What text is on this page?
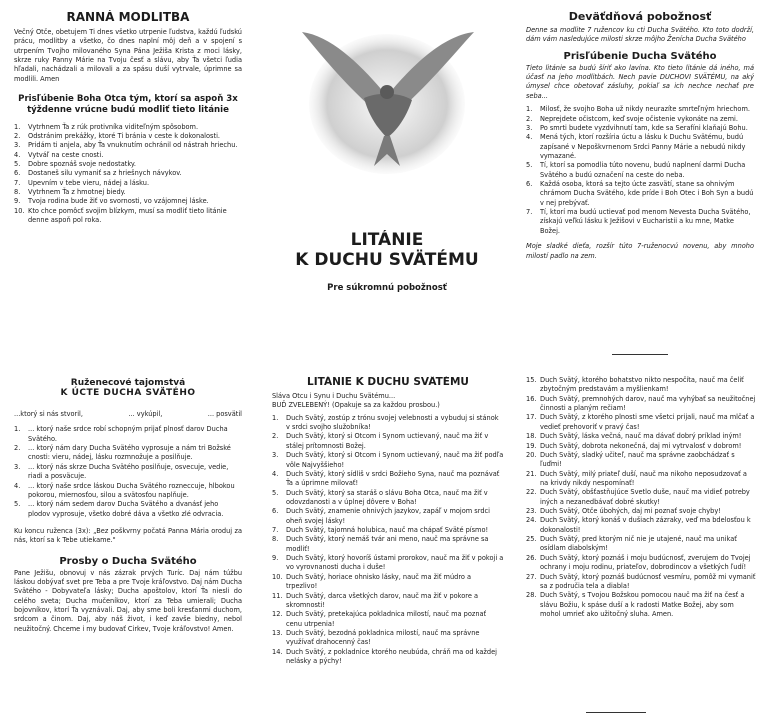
RANNÁ MODLITBA

Večný Otče, obetujem Ti dnes všetko utrpenie ľudstva, každú ľudskú prácu, modlitby a všetko, čo dnes naplní môj deň a v spojení s utrpením Tvojho milovaného Syna Pána Ježiša Krista z moci lásky, skrze ruky Panny Márie na Tvoju česť a slávu, aby Ťa všetci ľudia hľadali, nachádzali a milovali a za spásu duší vytrvale, úprimne sa modlili. Amen

Prisľúbenie Boha Otca tým, ktorí sa aspoň 3x týždenne vrúcne budú modliť tieto litánie
1. Vytrhnem Ťa z rúk protivníka viditeľným spôsobom.
2. Odstránim prekážky, ktoré Ti bránia v ceste k dokonalosti.
3. Pridám ti anjela, aby Ťa vnuknutím ochránil od nástrah hriechu.
4. Vytváľ na ceste cnosti.
5. Dobre spoznáš svoje nedostatky.
6. Dostaneš silu vymaniť sa z hriešnych návykov.
7. Upevním v tebe vieru, nádej a lásku.
8. Vytrhnem Ťa z hmotnej biedy.
9. Tvoja rodina bude žiť vo svornosti, vo vzájomnej láske.
10. Kto chce pomôcť svojim blízkym, musí sa modliť tieto litánie denne aspoň pol roka.
LITÁNIE
K DUCHU SVÄTÉMU

Pre súkromnú pobožnosť

Deväťdňová pobožnosť

Denne sa modlite 7 ružencov ku cti Ducha Svätého. Kto toto dodrží, dám vám nasledujúce milosti skrze môjho Ženícha Ducha Svätého

Prisľúbenie Ducha Svätého

Tieto litánie sa budú šíriť ako lavína. Kto tieto litánie dá iného, má účasť na jeho modlitbách. Nech pavie DUCHOVI SVÄTÉMU, na aký úmysel chce obetovať zásluhy, pokiaľ sa ich nechce nechať pre seba...

1. Milosť, že svojho Boha už nikdy neurazíte smrteľným hriechom.
2. Neprejdete očistcom, keď svoje očistenie vykonáte na zemi.
3. Po smrti budete vyzdvihnutí tam, kde sa Serafíni klaňajú Bohu.
4. Mená tých, ktorí rozšíria úctu a lásku k Duchu Svätému, budú zapísané v Nepoškvrnenom Srdci Panny Márie a nebudú nikdy vymazané.
5. Tí, ktorí sa pomodlia túto novenu, budú naplnení darmi Ducha Svätého a budú označení na ceste do neba.
6. Každá osoba, ktorá sa tejto úcte zasvätí, stane sa ohnivým chrámom Ducha Svätého, kde príde i Boh Otec i Boh Syn a budú v nej prebývať.
7. Tí, ktorí ma budú uctievať pod menom Nevesta Ducha Svätého, získajú veľkú lásku k Ježišovi v Eucharistii a ku mne, Matke Božej.

Moje sladké dieťa, rozšír túto 7-ruženocvú novenu, aby mnoho milostí padlo na zem.

Ruženecové tajomstvá
K ÚCTE DUCHA SVÄTÉHO
...ktorý si nás stvoril,	... vykúpil,	... posvätil
1. ... ktorý naše srdce robí schopným prijať plnosť darov Ducha Svätého.
2. ... ktorý nám dary Ducha Svätého vyprosuje a nám tri Božské cnosti: vieru, nádej, lásku rozmnožuje a posilňuje.
3. ... ktorý nás skrze Ducha Svätého posilňuje, osvecuje, vedie, riadi a posväcuje.
4. ... ktorý naše srdce láskou Ducha Svätého rozneccuje, hlbokou pokorou, miernosťou, silou a svätosťou naplňuje.
5. ... ktorý nám sedem darov Ducha Svätého a dvanásť jeho plodov vyprosuje, všetko dobré dáva a všetko zlé odvracia.

Ku koncu ruženca (3x): „Bez poškvrny počatá Panna Mária oroduj za nás, ktorí sa k Tebe utiekame."

Prosby o Ducha Svätého

Pane Ježišu, obnovuj v nás zázrak prvých Turíc. Daj nám túžbu láskou dobývať svet pre Teba a pre Tvoje kráľovstvo. Daj nám Ducha Svätého - Dobyvateľa lásky; Ducha apoštolov, ktorí Ťa niesli do celého sveta; Ducha mučeníkov, ktorí za Teba umierali; Ducha bojovníkov, ktorí Ťa vyznávali. Daj, aby sme boli kresťanmi duchom, srdcom a činom. Daj, aby náš život, i keď zavše biedny, nebol neužitočný. Chceme i my budovať Cirkev, Tvoje kráľovstvo! Amen.

LITÁNIE K DUCHU SVÄTÉMU

Sláva Otcu i Synu i Duchu Svätému...

BUĎ ZVELEBENÝ! (Opakuje sa za každou prosbou.)

1. Duch Svätý, zostúp z trónu svojej velebnosti a vybuduj si stánok v srdci svojho služobníka!
2. Duch Svätý, ktorý si Otcom i Synom uctievaný, nauč ma žiť v stálej prítomnosti Božej.
3. Duch Svätý, ktorý si Otcom i Synom uctievaný, nauč ma žiť podľa vôle Najvyššieho!
4. Duch Svätý, ktorý sídliš v srdci Božieho Syna, nauč ma poznávať Ťa a úprimne milovať!
5. Duch Svätý, ktorý sa staráš o slávu Boha Otca, nauč ma žiť v odovzdanosti a v úplnej dôvere v Boha!
6. Duch Svätý, znamenie ohnivých jazykov, zapáľ v mojom srdci oheň svojej lásky!
7. Duch Svätý, tajomná holubica, nauč ma chápať Sväté písmo!
8. Duch Svätý, ktorý nemáš tvár ani meno, nauč ma správne sa modliť!
9. Duch Svätý, ktorý hovoríš ústami prorokov, nauč ma žiť v pokoji a vo vyrovnanosti ducha i duše!
10. Duch Svätý, horiace ohnisko lásky, nauč ma žiť múdro a trpezlivo!
11. Duch Svätý, darca všetkých darov, nauč ma žiť v pokore a skromnosti!
12. Duch Svätý, pretekajúca pokladnica milostí, nauč ma poznať cenu utrpenia!
13. Duch Svätý, bezodná pokladnica milostí, nauč ma správne využívať drahocenný čas!
14. Duch Svätý, z pokladnice ktorého neubúda, chráň ma od každej nelásky a pýchy!
15. Duch Svätý, ktorého bohatstvo nikto nespočíta, nauč ma čeliť zbytočným predstavám a myšlienkam!
16. Duch Svätý, premnohých darov, nauč ma vyhýbať sa neužitočnej činnosti a planým rečiam!
17. Duch Svätý, z ktorého plnosti sme všetci prijali, nauč ma mlčať a vedieť prehovoriť v pravý čas!
18. Duch Svätý, láska večná, nauč ma dávať dobrý príklad iným!
19. Duch Svätý, dobrota nekonečná, daj mi vytrvalosť v dobrom!
20. Duch Svätý, sladký učiteľ, nauč ma správne zaobchádzať s ľuďmi!
21. Duch Svätý, milý priateľ duší, nauč ma nikoho neposudzovať a na krivdy nikdy nespomínať!
22. Duch Svätý, obšťastňujúce Svetlo duše, nauč ma vidieť potreby iných a nezanedbávať dobré skutky!
23. Duch Svätý, Otče úbohých, daj mi poznať svoje chyby!
24. Duch Svätý, ktorý konáš v dušiach zázraky, veď ma bdelosťou k dokonalosti!
25. Duch Svätý, pred ktorým nič nie je utajené, nauč ma unikať osídlam diabolským!
26. Duch Svätý, ktorý poznáš i moju budúcnosť, zverujem do Tvojej ochrany i moju rodinu, priateľov, dobrodincov a všetkých ľudí!
27. Duch Svätý, ktorý poznáš budúcnosť vesmíru, pomôž mi vymaniť sa z područia tela a diabla!
28. Duch Svätý, s Tvojou Božskou pomocou nauč ma žiť na česť a slávu Božiu, k spáse duší a k radosti Matke Božej, aby som mohol umrieť ako užitočný sluha. Amen.
